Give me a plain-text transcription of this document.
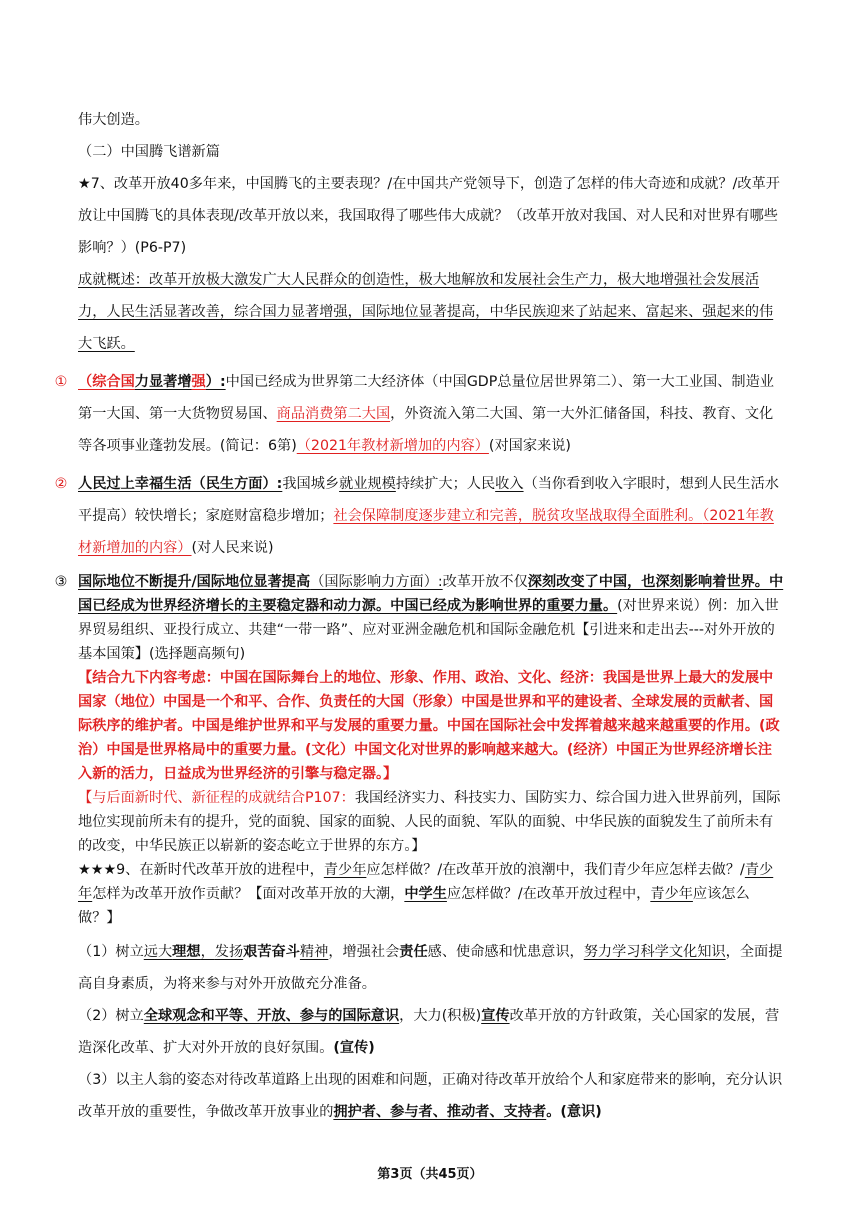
伟大创造。

（二）中国腾飞谱新篇

★7、改革开放40多年来，中国腾飞的主要表现？/在中国共产党领导下，创造了怎样的伟大奇迹和成就？/改革开放让中国腾飞的具体表现/改革开放以来，我国取得了哪些伟大成就？（改革开放对我国、对人民和对世界有哪些影响？）(P6-P7)

成就概述：改革开放极大激发广大人民群众的创造性，极大地解放和发展社会生产力，极大地增强社会发展活力，人民生活显著改善，综合国力显著增强，国际地位显著提高，中华民族迎来了站起来、富起来、强起来的伟大飞跃。

① （综合国力显著增强）:中国已经成为世界第二大经济体（中国GDP总量位居世界第二）、第一大工业国、制造业第一大国、第一大货物贸易国、商品消费第二大国，外资流入第二大国、第一大外汇储备国，科技、教育、文化等各项事业蓬勃发展。(简记：6第)（2021年教材新增加的内容）(对国家来说)
② 人民过上幸福生活（民生方面）:我国城乡就业规模持续扩大；人民收入（当你看到收入字眼时，想到人民生活水平提高）较快增长；家庭财富稳步增加；社会保障制度逐步建立和完善，脱贫攻坚战取得全面胜利。（2021年教材新增加的内容）(对人民来说)
③ 国际地位不断提升/国际地位显著提高（国际影响力方面）:改革开放不仅深刻改变了中国，也深刻影响着世界。中国已经成为世界经济增长的主要稳定器和动力源。中国已经成为影响世界的重要力量。(对世界来说）例：加入世界贸易组织、亚投行成立、共建“一带一路”、应对亚洲金融危机和国际金融危机【引进来和走出去---对外开放的基本国策】(选择题高频句)

【结合九下内容考虑：中国在国际舞台上的地位、形象、作用、政治、文化、经济：我国是世界上最大的发展中国家（地位）中国是一个和平、合作、负责任的大国（形象）中国是世界和平的建设者、全球发展的贡献者、国际秩序的维护者。中国是维护世界和平与发展的重要力量。中国在国际社会中发挥着越来越来越重要的作用。(政治）中国是世界格局中的重要力量。(文化）中国文化对世界的影响越来越大。(经济）中国正为世界经济增长注入新的活力，日益成为世界经济的引擎与稳定器。】

【与后面新时代、新征程的成就结合P107：我国经济实力、科技实力、国防实力、综合国力进入世界前列，国际地位实现前所未有的提升，党的面貌、国家的面貌、人民的面貌、军队的面貌、中华民族的面貌发生了前所未有的改变，中华民族正以崭新的姿态屹立于世界的东方。】

★★★9、在新时代改革开放的进程中，青少年应怎样做？/在改革开放的浪潮中，我们青少年应怎样去做？/青少年怎样为改革开放作贡献？【面对改革开放的大潮，中学生应怎样做？/在改革开放过程中，青少年应该怎么做？】

（1）树立远大理想，发扬艰苦奋斗精神，增强社会责任感、使命感和忧患意识，努力学习科学文化知识，全面提高自身素质，为将来参与对外开放做充分准备。

（2）树立全球观念和平等、开放、参与的国际意识，大力(积极)宣传改革开放的方针政策，关心国家的发展，营造深化改革、扩大对外开放的良好氛围。(宣传)

（3）以主人翁的姿态对待改革道路上出现的困难和问题，正确对待改革开放给个人和家庭带来的影响，充分认识改革开放的重要性，争做改革开放事业的拥护者、参与者、推动者、支持者。(意识)

第3页（共45页）
